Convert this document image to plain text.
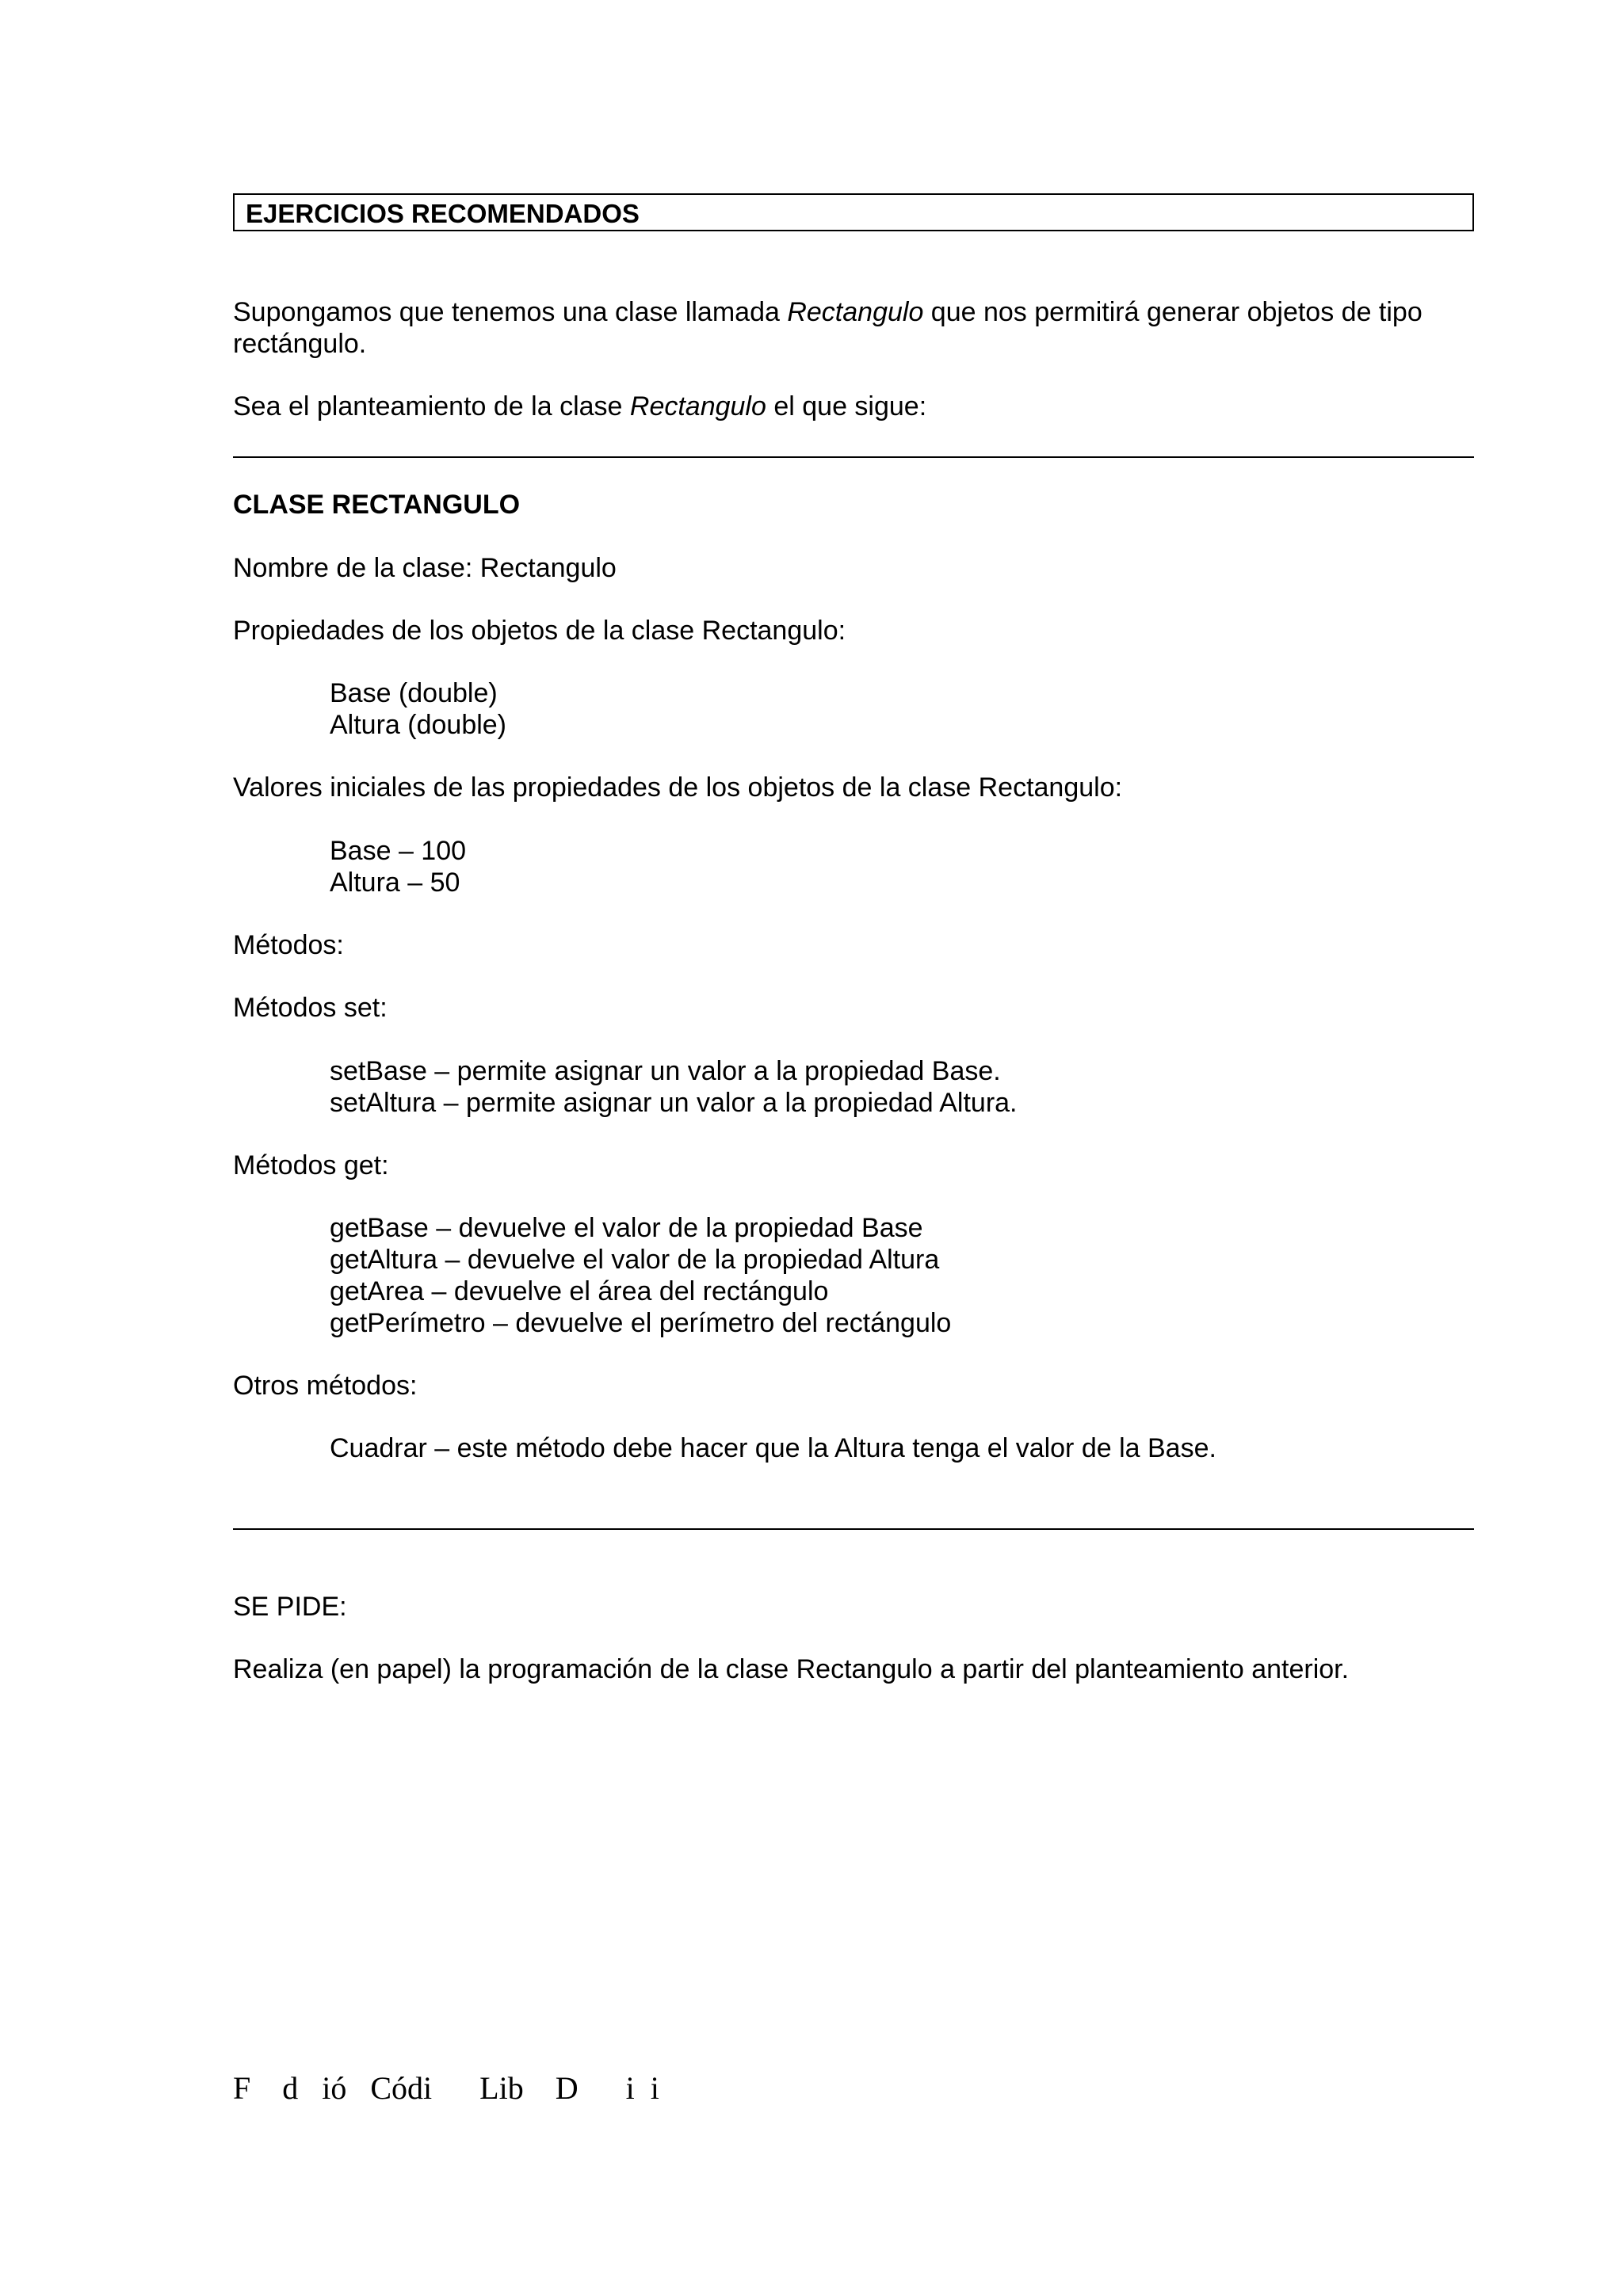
EJERCICIOS RECOMENDADOS
Supongamos que tenemos una clase llamada Rectangulo que nos permitirá generar objetos de tipo
rectángulo.
Sea el planteamiento de la clase Rectangulo el que sigue:
CLASE RECTANGULO
Nombre de la clase: Rectangulo
Propiedades de los objetos de la clase Rectangulo:
Base (double)
Altura (double)
Valores iniciales de las propiedades de los objetos de la clase Rectangulo:
Base – 100
Altura – 50
Métodos:
Métodos set:
setBase – permite asignar un valor a la propiedad Base.
setAltura – permite asignar un valor a la propiedad Altura.
Métodos get:
getBase – devuelve el valor de la propiedad Base
getAltura – devuelve el valor de la propiedad Altura
getArea – devuelve el área del rectángulo
getPerímetro – devuelve el perímetro del rectángulo
Otros métodos:
Cuadrar – este método debe hacer que la Altura tenga el valor de la Base.
SE PIDE:
Realiza (en papel) la programación de la clase Rectangulo a partir del planteamiento anterior.
F    d   ió   Códi      Lib    D      i  i
